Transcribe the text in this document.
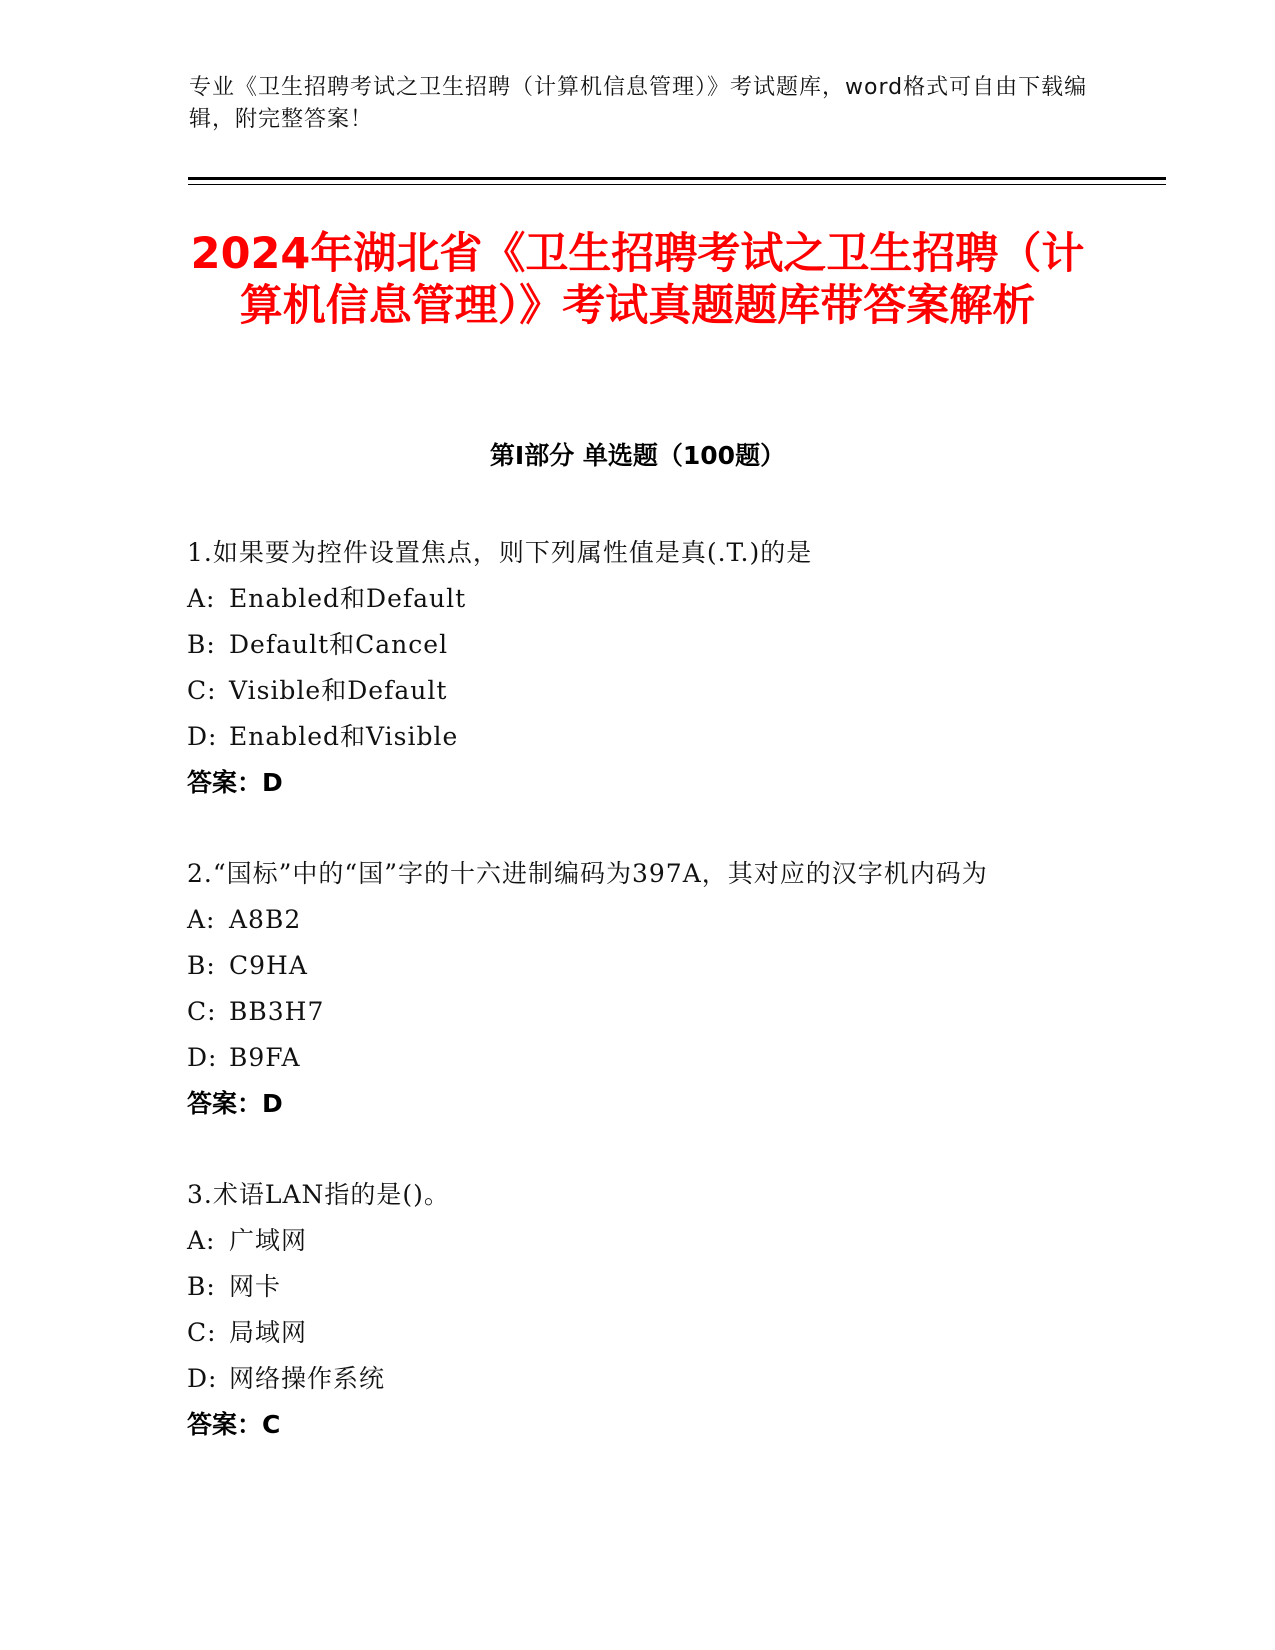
专业《卫生招聘考试之卫生招聘（计算机信息管理）》考试题库，word格式可自由下载编辑，附完整答案！
2024年湖北省《卫生招聘考试之卫生招聘（计算机信息管理）》考试真题题库带答案解析
第Ⅰ部分 单选题（100题）

1.如果要为控件设置焦点，则下列属性值是真(.T.)的是

A: Enabled和Default

B: Default和Cancel

C: Visible和Default

D: Enabled和Visible

答案：D

2.“国标”中的“国”字的十六进制编码为397A，其对应的汉字机内码为

A: A8B2

B: C9HA

C: BB3H7

D: B9FA

答案：D

3.术语LAN指的是()。

A: 广域网

B: 网卡

C: 局域网

D: 网络操作系统

答案：C
